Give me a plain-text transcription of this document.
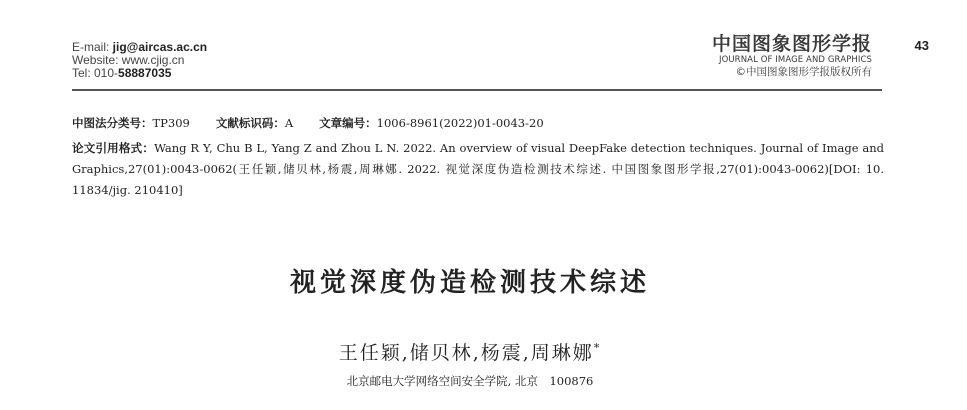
E-mail: jig@aircas.ac.cn
Website: www.cjig.cn
Tel: 010-58887035
中国图象图形学报
JOURNAL OF IMAGE AND GRAPHICS
©中国图象图形学报版权所有
43
中图法分类号：TP309 文献标识码：A 文章编号：1006-8961(2022)01-0043-20
论文引用格式：Wang R Y, Chu B L, Yang Z and Zhou L N. 2022. An overview of visual DeepFake detection techniques. Journal of Image and Graphics,27(01):0043-0062(王任颖,储贝林,杨震,周琳娜. 2022. 视觉深度伪造检测技术综述. 中国图象图形学报,27(01):0043-0062)[DOI: 10. 11834/jig. 210410]
视觉深度伪造检测技术综述
王任颖,储贝林,杨震,周琳娜*
北京邮电大学网络空间安全学院, 北京　100876
